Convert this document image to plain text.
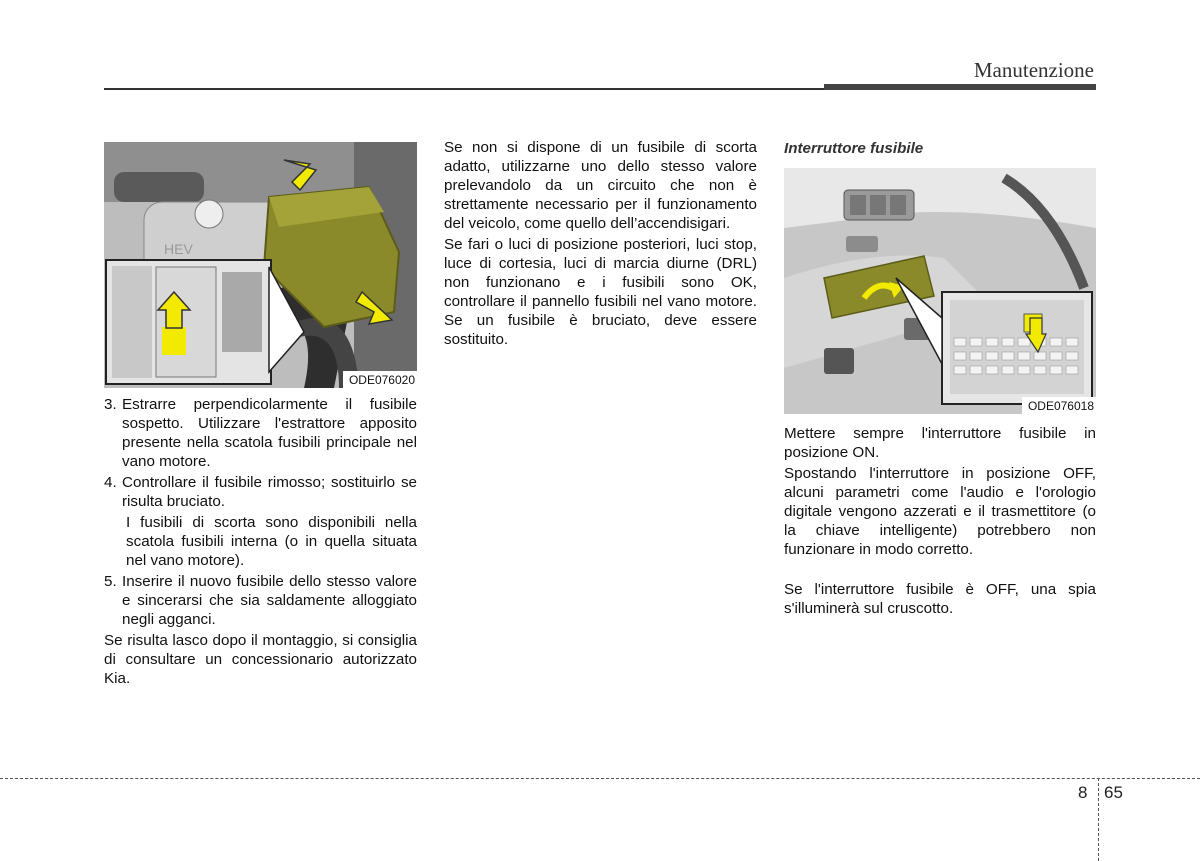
Manutenzione
HEV
ODE076020
3. Estrarre perpendicolarmente il fusibile sospetto. Utilizzare l'estrattore apposito presente nella scatola fusibili principale nel vano motore.
4. Controllare il fusibile rimosso; sostituirlo se risulta bruciato.
I fusibili di scorta sono disponibili nella scatola fusibili interna (o in quella situata nel vano motore).
5. Inserire il nuovo fusibile dello stesso valore e sincerarsi che sia saldamente alloggiato negli agganci.

Se risulta lasco dopo il montaggio, si consiglia di consultare un concessionario autorizzato Kia.

Se non si dispone di un fusibile di scorta adatto, utilizzarne uno dello stesso valore prelevandolo da un circuito che non è strettamente necessario per il funzionamento del veicolo, come quello dell’accendisigari.

Se fari o luci di posizione posteriori, luci stop, luce di cortesia, luci di marcia diurne (DRL) non funzionano e i fusibili sono OK, controllare il pannello fusibili nel vano motore. Se un fusibile è bruciato, deve essere sostituito.

Interruttore fusibile
ODE076018

Mettere sempre l'interruttore fusibile in posizione ON.

Spostando l'interruttore in posizione OFF, alcuni parametri come l'audio e l'orologio digitale vengono azzerati e il trasmettitore (o la chiave intelligente) potrebbero non funzionare in modo corretto.

Se l'interruttore fusibile è OFF, una spia s'illuminerà sul cruscotto.

8 65
